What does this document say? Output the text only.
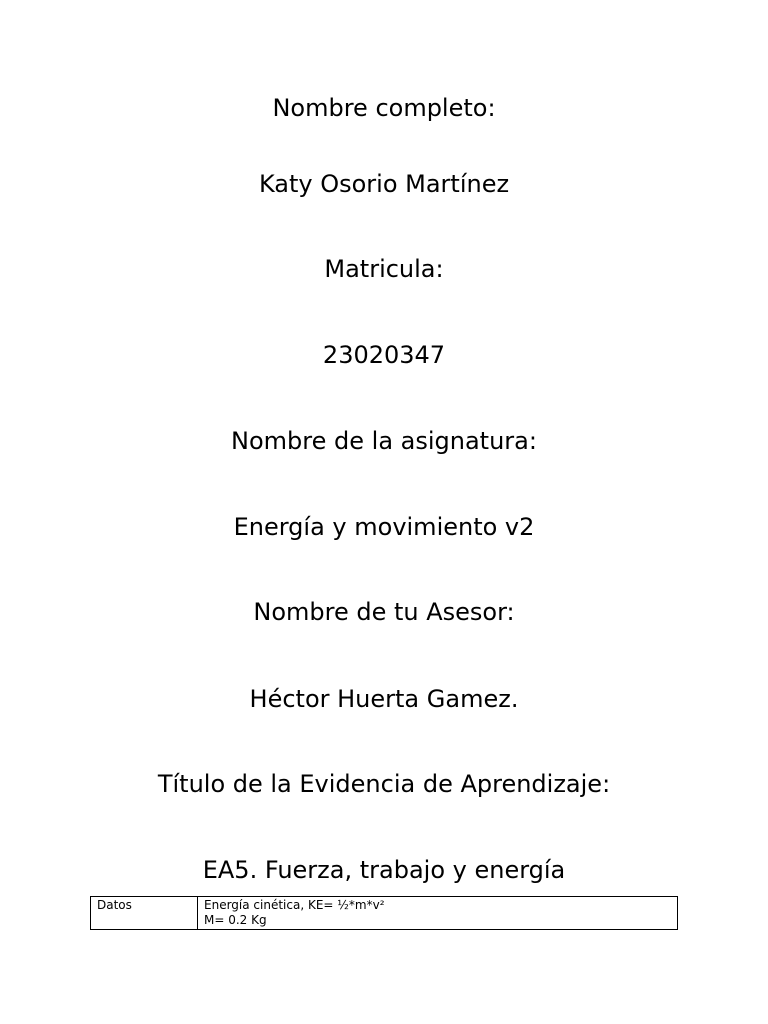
Nombre completo:
Katy Osorio Martínez
Matricula:
23020347
Nombre de la asignatura:
Energía y movimiento v2
Nombre de tu Asesor:
Héctor Huerta Gamez.
Título de la Evidencia de Aprendizaje:
EA5. Fuerza, trabajo y energía
Datos	Energía cinética, KE= ½*m*v²
M= 0.2 Kg
